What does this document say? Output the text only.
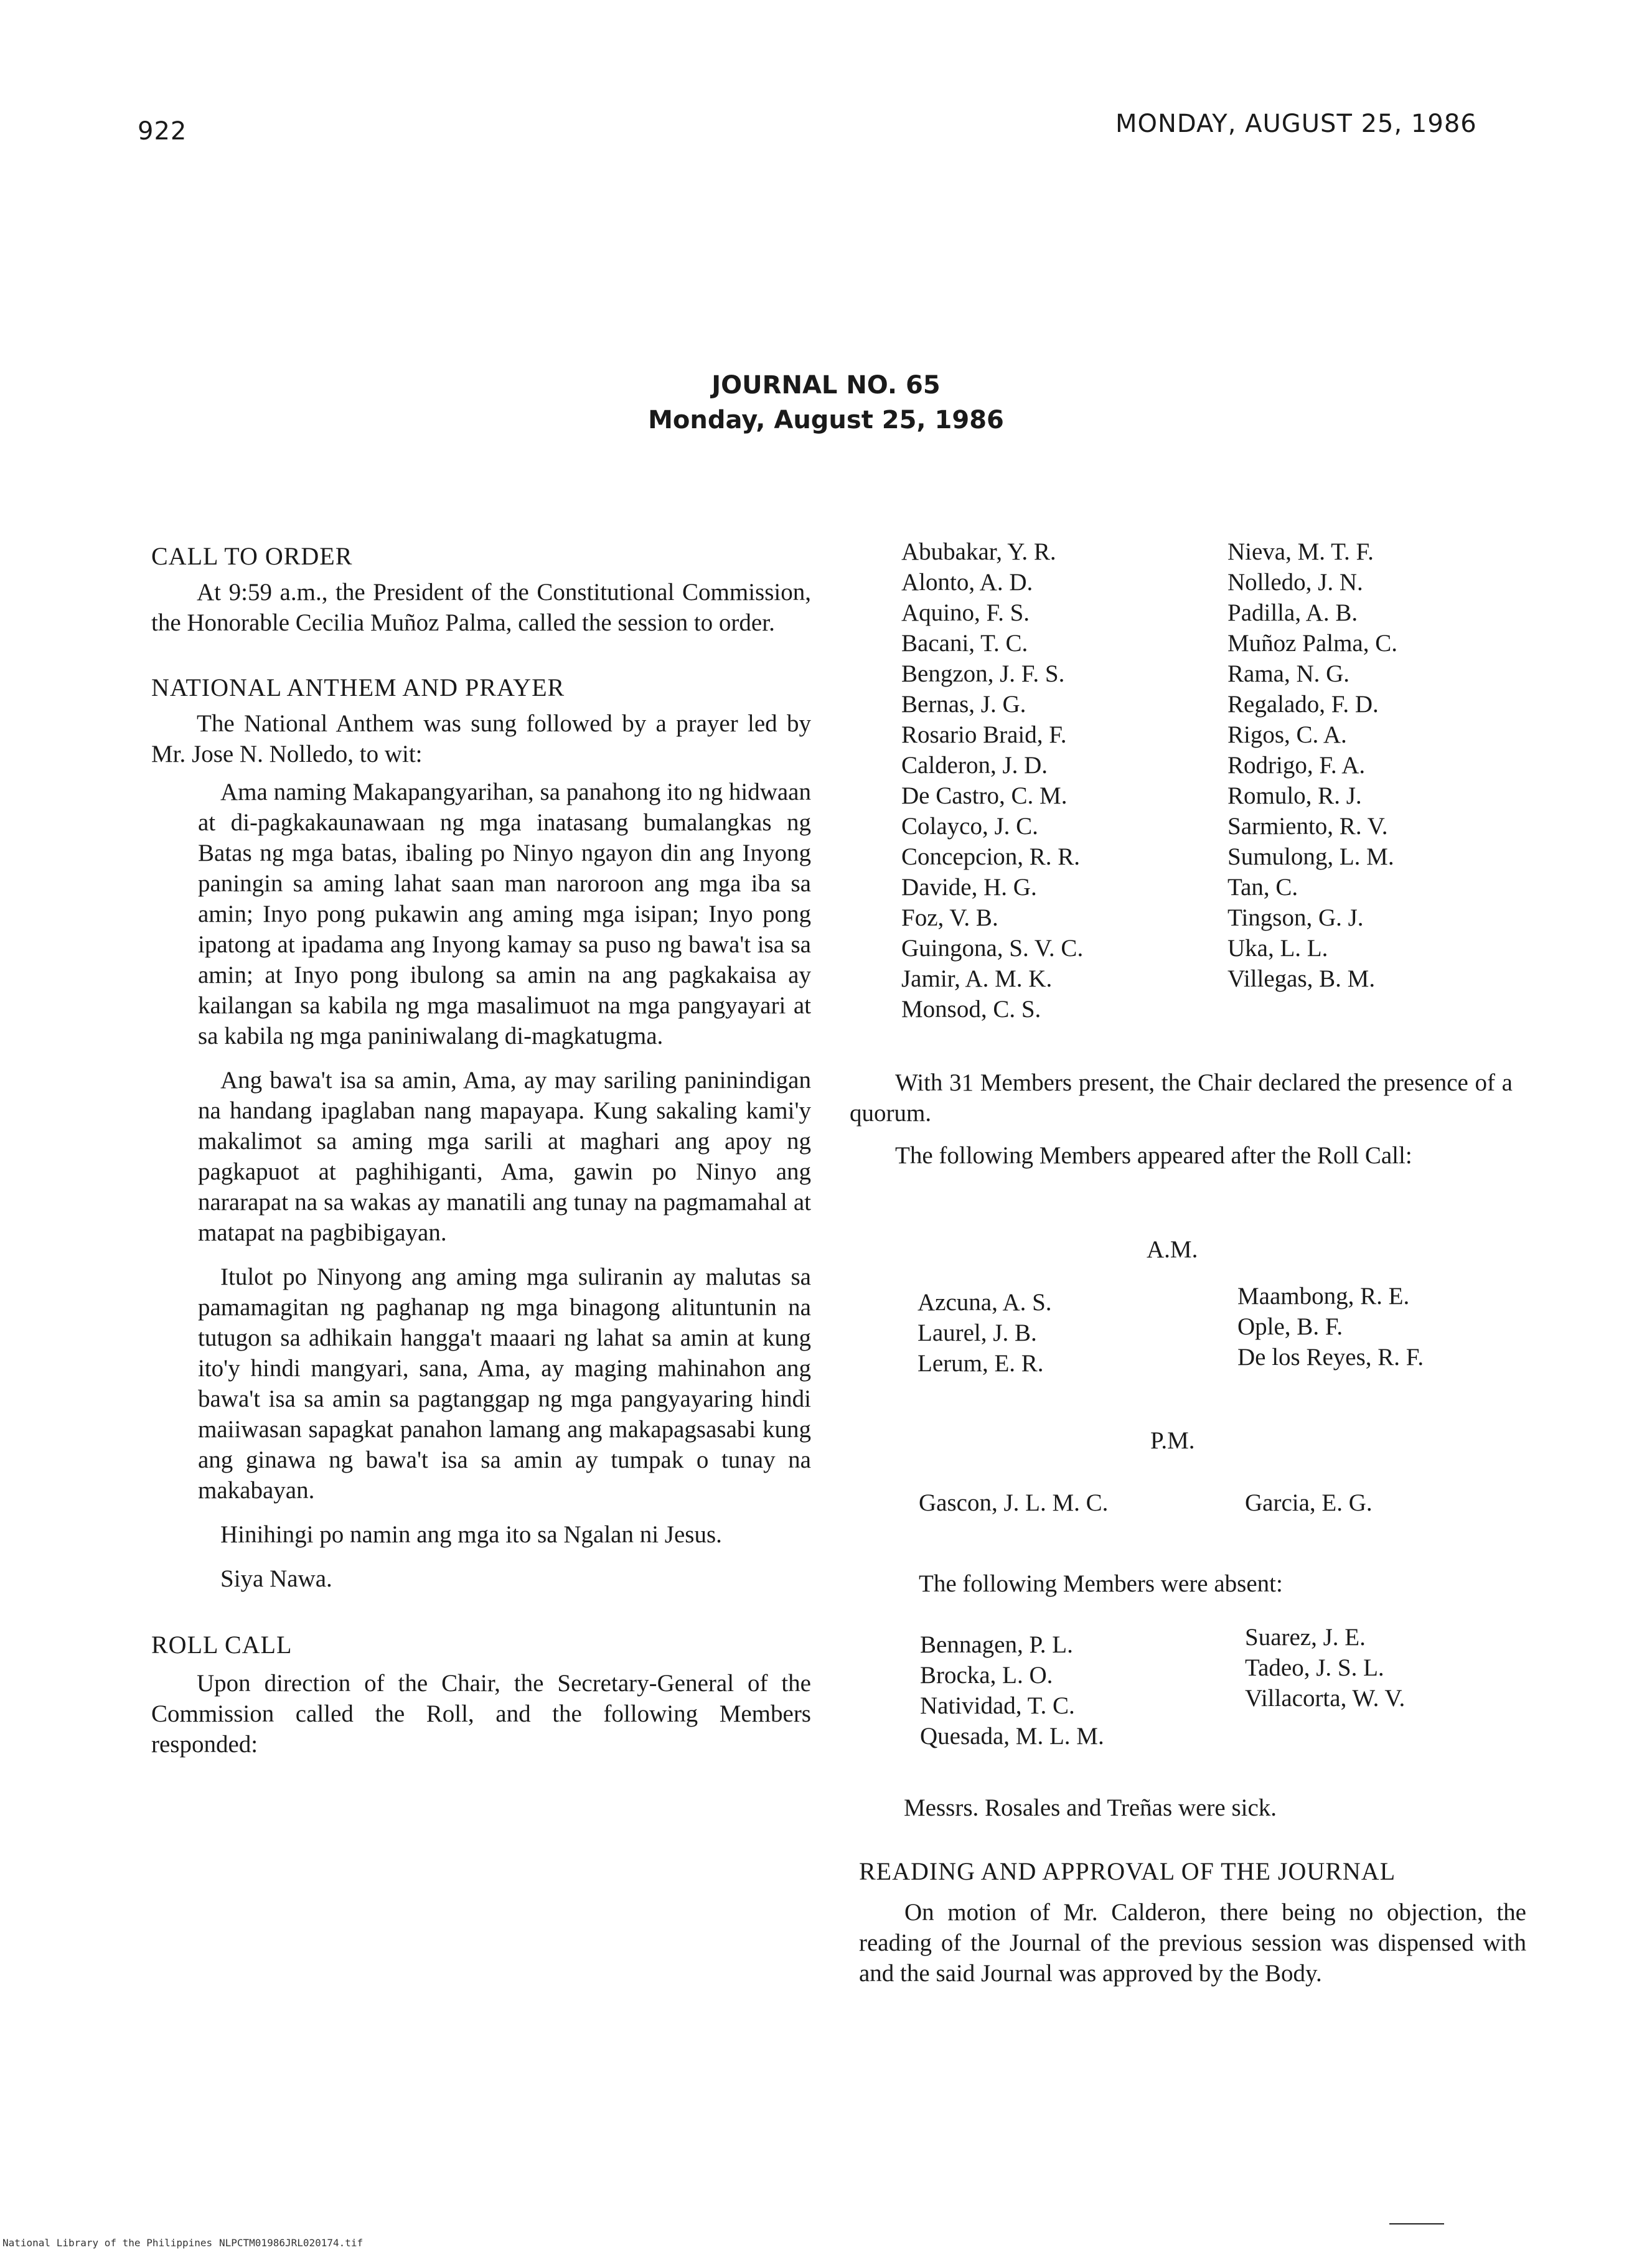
922	MONDAY, AUGUST 25, 1986
JOURNAL NO. 65
Monday, August 25, 1986
CALL TO ORDER

At 9:59 a.m., the President of the Constitutional Commission, the Honorable Cecilia Muñoz Palma, called the session to order.

NATIONAL ANTHEM AND PRAYER

The National Anthem was sung followed by a prayer led by Mr. Jose N. Nolledo, to wit:

Ama naming Makapangyarihan, sa panahong ito ng hidwaan at di-pagkakaunawaan ng mga inatasang bumalangkas ng Batas ng mga batas, ibaling po Ninyo ngayon din ang Inyong paningin sa aming lahat saan man naroroon ang mga iba sa amin; Inyo pong pukawin ang aming mga isipan; Inyo pong ipatong at ipadama ang Inyong kamay sa puso ng bawa't isa sa amin; at Inyo pong ibulong sa amin na ang pagkakaisa ay kailangan sa kabila ng mga masalimuot na mga pangyayari at sa kabila ng mga paniniwalang di-magkatugma.

Ang bawa't isa sa amin, Ama, ay may sariling paninindigan na handang ipaglaban nang mapayapa. Kung sakaling kami'y makalimot sa aming mga sarili at maghari ang apoy ng pagkapuot at paghihiganti, Ama, gawin po Ninyo ang nararapat na sa wakas ay manatili ang tunay na pagmamahal at matapat na pagbibigayan.

Itulot po Ninyong ang aming mga suliranin ay malutas sa pamamagitan ng paghanap ng mga binagong alituntunin na tutugon sa adhikain hangga't maaari ng lahat sa amin at kung ito'y hindi mangyari, sana, Ama, ay maging mahinahon ang bawa't isa sa amin sa pagtanggap ng mga pangyayaring hindi maiiwasan sapagkat panahon lamang ang makapagsasabi kung ang ginawa ng bawa't isa sa amin ay tumpak o tunay na makabayan.

Hinihingi po namin ang mga ito sa Ngalan ni Jesus.

Siya Nawa.

ROLL CALL

Upon direction of the Chair, the Secretary-General of the Commission called the Roll, and the following Members responded:

Abubakar, Y. R.
Alonto, A. D.
Aquino, F. S.
Bacani, T. C.
Bengzon, J. F. S.
Bernas, J. G.
Rosario Braid, F.
Calderon, J. D.
De Castro, C. M.
Colayco, J. C.
Concepcion, R. R.
Davide, H. G.
Foz, V. B.
Guingona, S. V. C.
Jamir, A. M. K.
Monsod, C. S.
Nieva, M. T. F.
Nolledo, J. N.
Padilla, A. B.
Muñoz Palma, C.
Rama, N. G.
Regalado, F. D.
Rigos, C. A.
Rodrigo, F. A.
Romulo, R. J.
Sarmiento, R. V.
Sumulong, L. M.
Tan, C.
Tingson, G. J.
Uka, L. L.
Villegas, B. M.

With 31 Members present, the Chair declared the presence of a quorum.

The following Members appeared after the Roll Call:

A.M.
Azcuna, A. S.
Laurel, J. B.
Lerum, E. R.
Maambong, R. E.
Ople, B. F.
De los Reyes, R. F.
P.M.
Gascon, J. L. M. C.	Garcia, E. G.
The following Members were absent:
Bennagen, P. L.
Brocka, L. O.
Natividad, T. C.
Quesada, M. L. M.
Suarez, J. E.
Tadeo, J. S. L.
Villacorta, W. V.
Messrs. Rosales and Treñas were sick.
READING AND APPROVAL OF THE JOURNAL

On motion of Mr. Calderon, there being no objection, the reading of the Journal of the previous session was dispensed with and the said Journal was approved by the Body.

National Library of the Philippines NLPCTM01986JRL020174.tif
